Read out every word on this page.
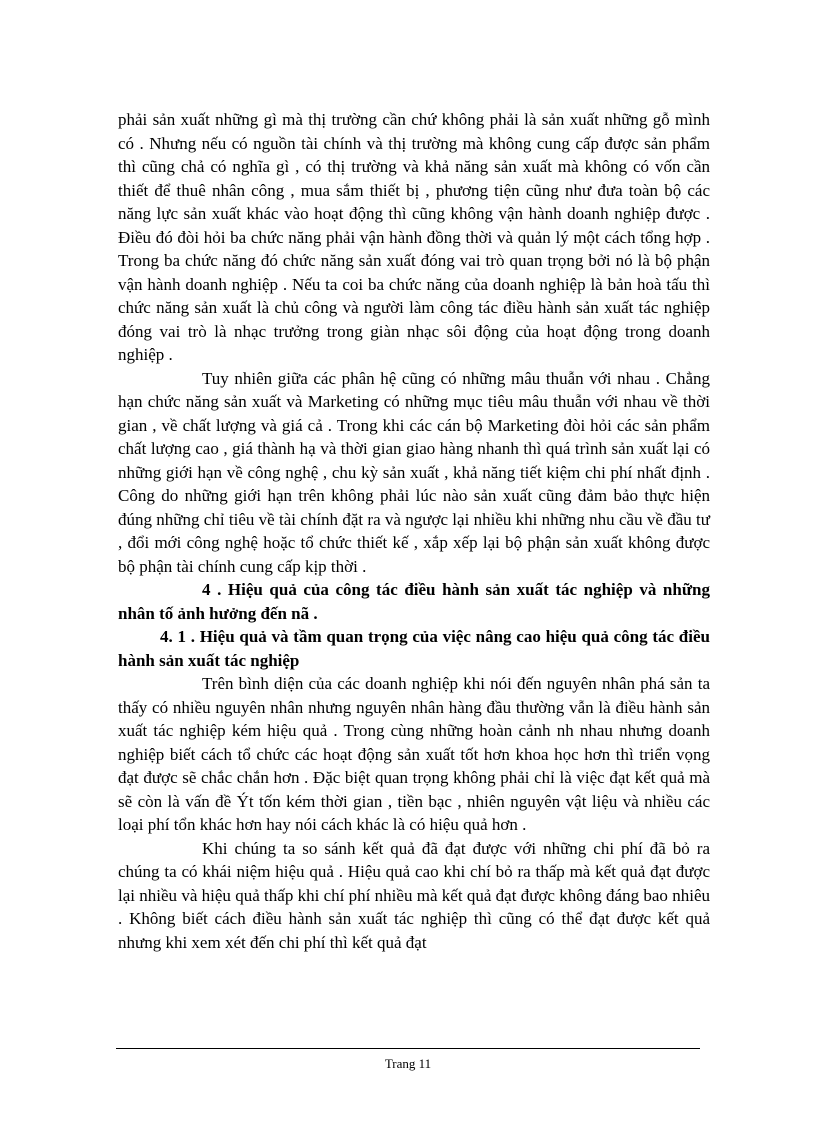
phải sản xuất những gì mà thị trường cần chứ không phải là sản xuất những gỗ mình có . Nhưng nếu có nguồn tài chính và thị trường mà không cung cấp được sản phẩm thì cũng chả có nghĩa gì , có thị trường và khả năng sản xuất mà không có vốn cần thiết để thuê nhân công , mua sắm thiết bị , phương tiện cũng như đưa toàn bộ các năng lực sản xuất khác vào hoạt động thì cũng không vận hành doanh nghiệp được . Điều đó đòi hỏi ba chức năng phải vận hành đồng thời và quản lý một cách tổng hợp . Trong ba chức năng đó chức năng sản xuất đóng vai trò quan trọng bởi nó là bộ phận vận hành doanh nghiệp . Nếu ta coi ba chức năng của doanh nghiệp là bản hoà tấu thì chức năng sản xuất là chủ công và người làm công tác điều hành sản xuất tác nghiệp đóng vai trò là nhạc trưởng trong giàn nhạc sôi động của hoạt động trong doanh nghiệp .

Tuy nhiên giữa các phân hệ cũng có những mâu thuẫn với nhau . Chẳng hạn chức năng sản xuất và Marketing có những mục tiêu mâu thuẫn với nhau về thời gian , về chất lượng và giá cả . Trong khi các cán bộ Marketing đòi hỏi các sản phẩm chất lượng cao , giá thành hạ và thời gian giao hàng nhanh thì quá trình sản xuất lại có những giới hạn về công nghệ , chu kỳ sản xuất , khả năng tiết kiệm chi phí nhất định . Công do những giới hạn trên không phải lúc nào sản xuất cũng đảm bảo thực hiện đúng những chỉ tiêu về tài chính đặt ra và ngược lại nhiều khi những nhu cầu về đầu tư , đổi mới công nghệ hoặc tổ chức thiết kế , xắp xếp lại bộ phận sản xuất không được bộ phận tài chính cung cấp kịp thời .

4 . Hiệu quả của công tác điều hành sản xuất tác nghiệp và những nhân tố ảnh hưởng đến nã .

4. 1 . Hiệu quả và tầm quan trọng của việc nâng cao hiệu quả công tác điều hành sản xuất tác nghiệp

Trên bình diện của các doanh nghiệp khi nói đến nguyên nhân phá sản ta thấy có nhiều nguyên nhân nhưng nguyên nhân hàng đầu thường vẫn là điều hành sản xuất tác nghiệp kém hiệu quả . Trong cùng những hoàn cảnh nh nhau nhưng doanh nghiệp biết cách tổ chức các hoạt động sản xuất tốt hơn khoa học hơn thì triển vọng đạt được sẽ chắc chắn hơn . Đặc biệt quan trọng không phải chỉ là việc đạt kết quả mà sẽ còn là vấn đề Ýt tốn kém thời gian , tiền bạc , nhiên nguyên vật liệu và nhiều các loại phí tổn khác hơn hay nói cách khác là có hiệu quả hơn .

Khi chúng ta so sánh kết quả đã đạt được với những chi phí đã bỏ ra chúng ta có khái niệm hiệu quả . Hiệu quả cao khi chí bỏ ra thấp mà kết quả đạt được lại nhiều và hiệu quả thấp khi chí phí nhiều mà kết quả đạt được không đáng bao nhiêu . Không biết cách điều hành sản xuất tác nghiệp thì cũng có thể đạt được kết quả nhưng khi xem xét đến chi phí thì kết quả đạt

Trang 11
